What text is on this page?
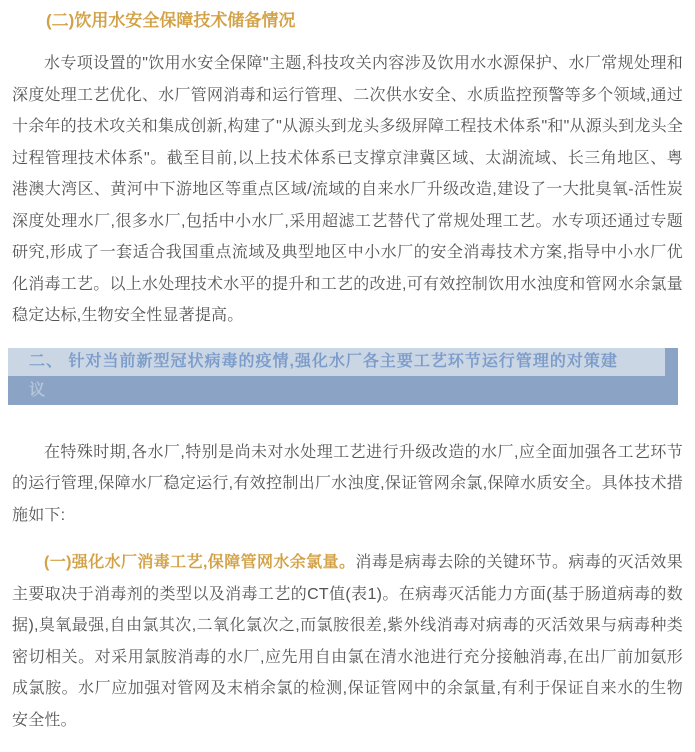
(二)饮用水安全保障技术储备情况

水专项设置的"饮用水安全保障"主题,科技攻关内容涉及饮用水水源保护、水厂常规处理和深度处理工艺优化、水厂管网消毒和运行管理、二次供水安全、水质监控预警等多个领域,通过十余年的技术攻关和集成创新,构建了"从源头到龙头多级屏障工程技术体系"和"从源头到龙头全过程管理技术体系"。截至目前,以上技术体系已支撑京津冀区域、太湖流域、长三角地区、粤港澳大湾区、黄河中下游地区等重点区域/流域的自来水厂升级改造,建设了一大批臭氧-活性炭深度处理水厂,很多水厂,包括中小水厂,采用超滤工艺替代了常规处理工艺。水专项还通过专题研究,形成了一套适合我国重点流域及典型地区中小水厂的安全消毒技术方案,指导中小水厂优化消毒工艺。以上水处理技术水平的提升和工艺的改进,可有效控制饮用水浊度和管网水余氯量稳定达标,生物安全性显著提高。

二、 针对当前新型冠状病毒的疫情,强化水厂各主要工艺环节运行管理的对策建
议

在特殊时期,各水厂,特别是尚未对水处理工艺进行升级改造的水厂,应全面加强各工艺环节的运行管理,保障水厂稳定运行,有效控制出厂水浊度,保证管网余氯,保障水质安全。具体技术措施如下:

(一)强化水厂消毒工艺,保障管网水余氯量。消毒是病毒去除的关键环节。病毒的灭活效果主要取决于消毒剂的类型以及消毒工艺的CT值(表1)。在病毒灭活能力方面(基于肠道病毒的数据),臭氧最强,自由氯其次,二氧化氯次之,而氯胺很差,紫外线消毒对病毒的灭活效果与病毒种类密切相关。对采用氯胺消毒的水厂,应先用自由氯在清水池进行充分接触消毒,在出厂前加氨形成氯胺。水厂应加强对管网及末梢余氯的检测,保证管网中的余氯量,有利于保证自来水的生物安全性。
